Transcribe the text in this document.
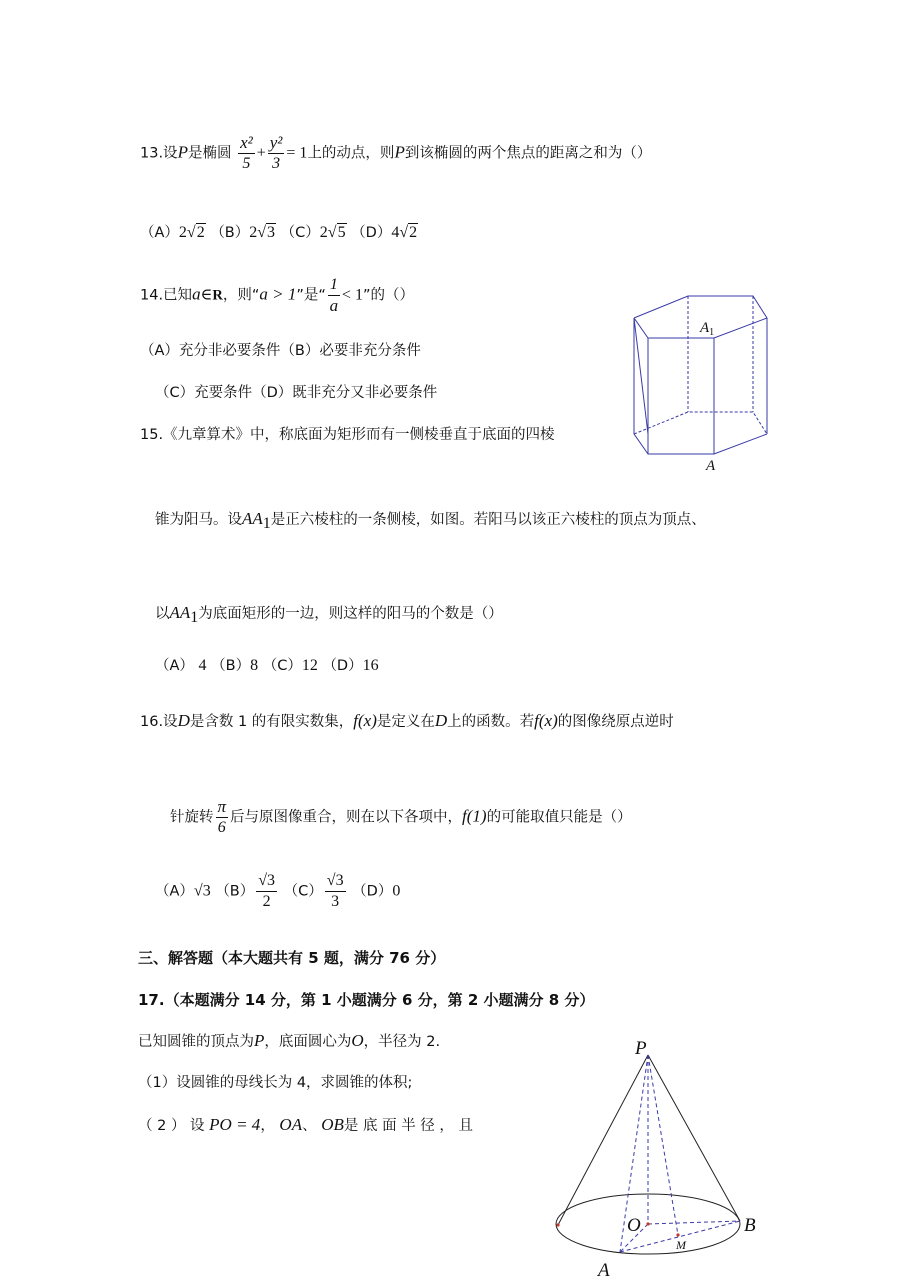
13.设P是椭圆 $\frac{\text{x²}}{5} + \frac{\text{y²}}{3} = 1$上的动点，则P到该椭圆的两个焦点的距离之和为（）
（A）2√2 （B）2√3 （C）2√5 （D）4√2
14.已知a∈R，则“a > 1”是“ $\frac{1}{a} < 1$”的（）
（A）充分非必要条件（B）必要非充分条件
（C）充要条件（D）既非充分又非必要条件
15.《九章算术》中，称底面为矩形而有一侧棱垂直于底面的四棱
锥为阳马。设$AA_1$是正六棱柱的一条侧棱，如图。若阳马以该正六棱柱的顶点为顶点、
以$AA_1$为底面矩形的一边，则这样的阳马的个数是（）
（A） 4 （B）8 （C）12 （D）16
$A_1$
A
16.设D是含数 1 的有限实数集，f(x)是定义在D上的函数。若f(x)的图像绕原点逆时
针旋转 $\frac{\pi}{6}$ 后与原图像重合，则在以下各项中，f(1)的可能取值只能是（）
（A）√3 $(B) \frac{√3}{2} (C) \frac{√3}{3} (D)0$
三、解答题（本大题共有 5 题，满分 76 分）
17.（本题满分 14 分，第 1 小题满分 6 分，第 2 小题满分 8 分）
已知圆锥的顶点为P，底面圆心为O，半径为 2.
（1）设圆锥的母线长为 4，求圆锥的体积;
（ 2 ） 设 PO = 4， OA、 OB是 底 面 半 径 ， 且
P
O	B
M
A
